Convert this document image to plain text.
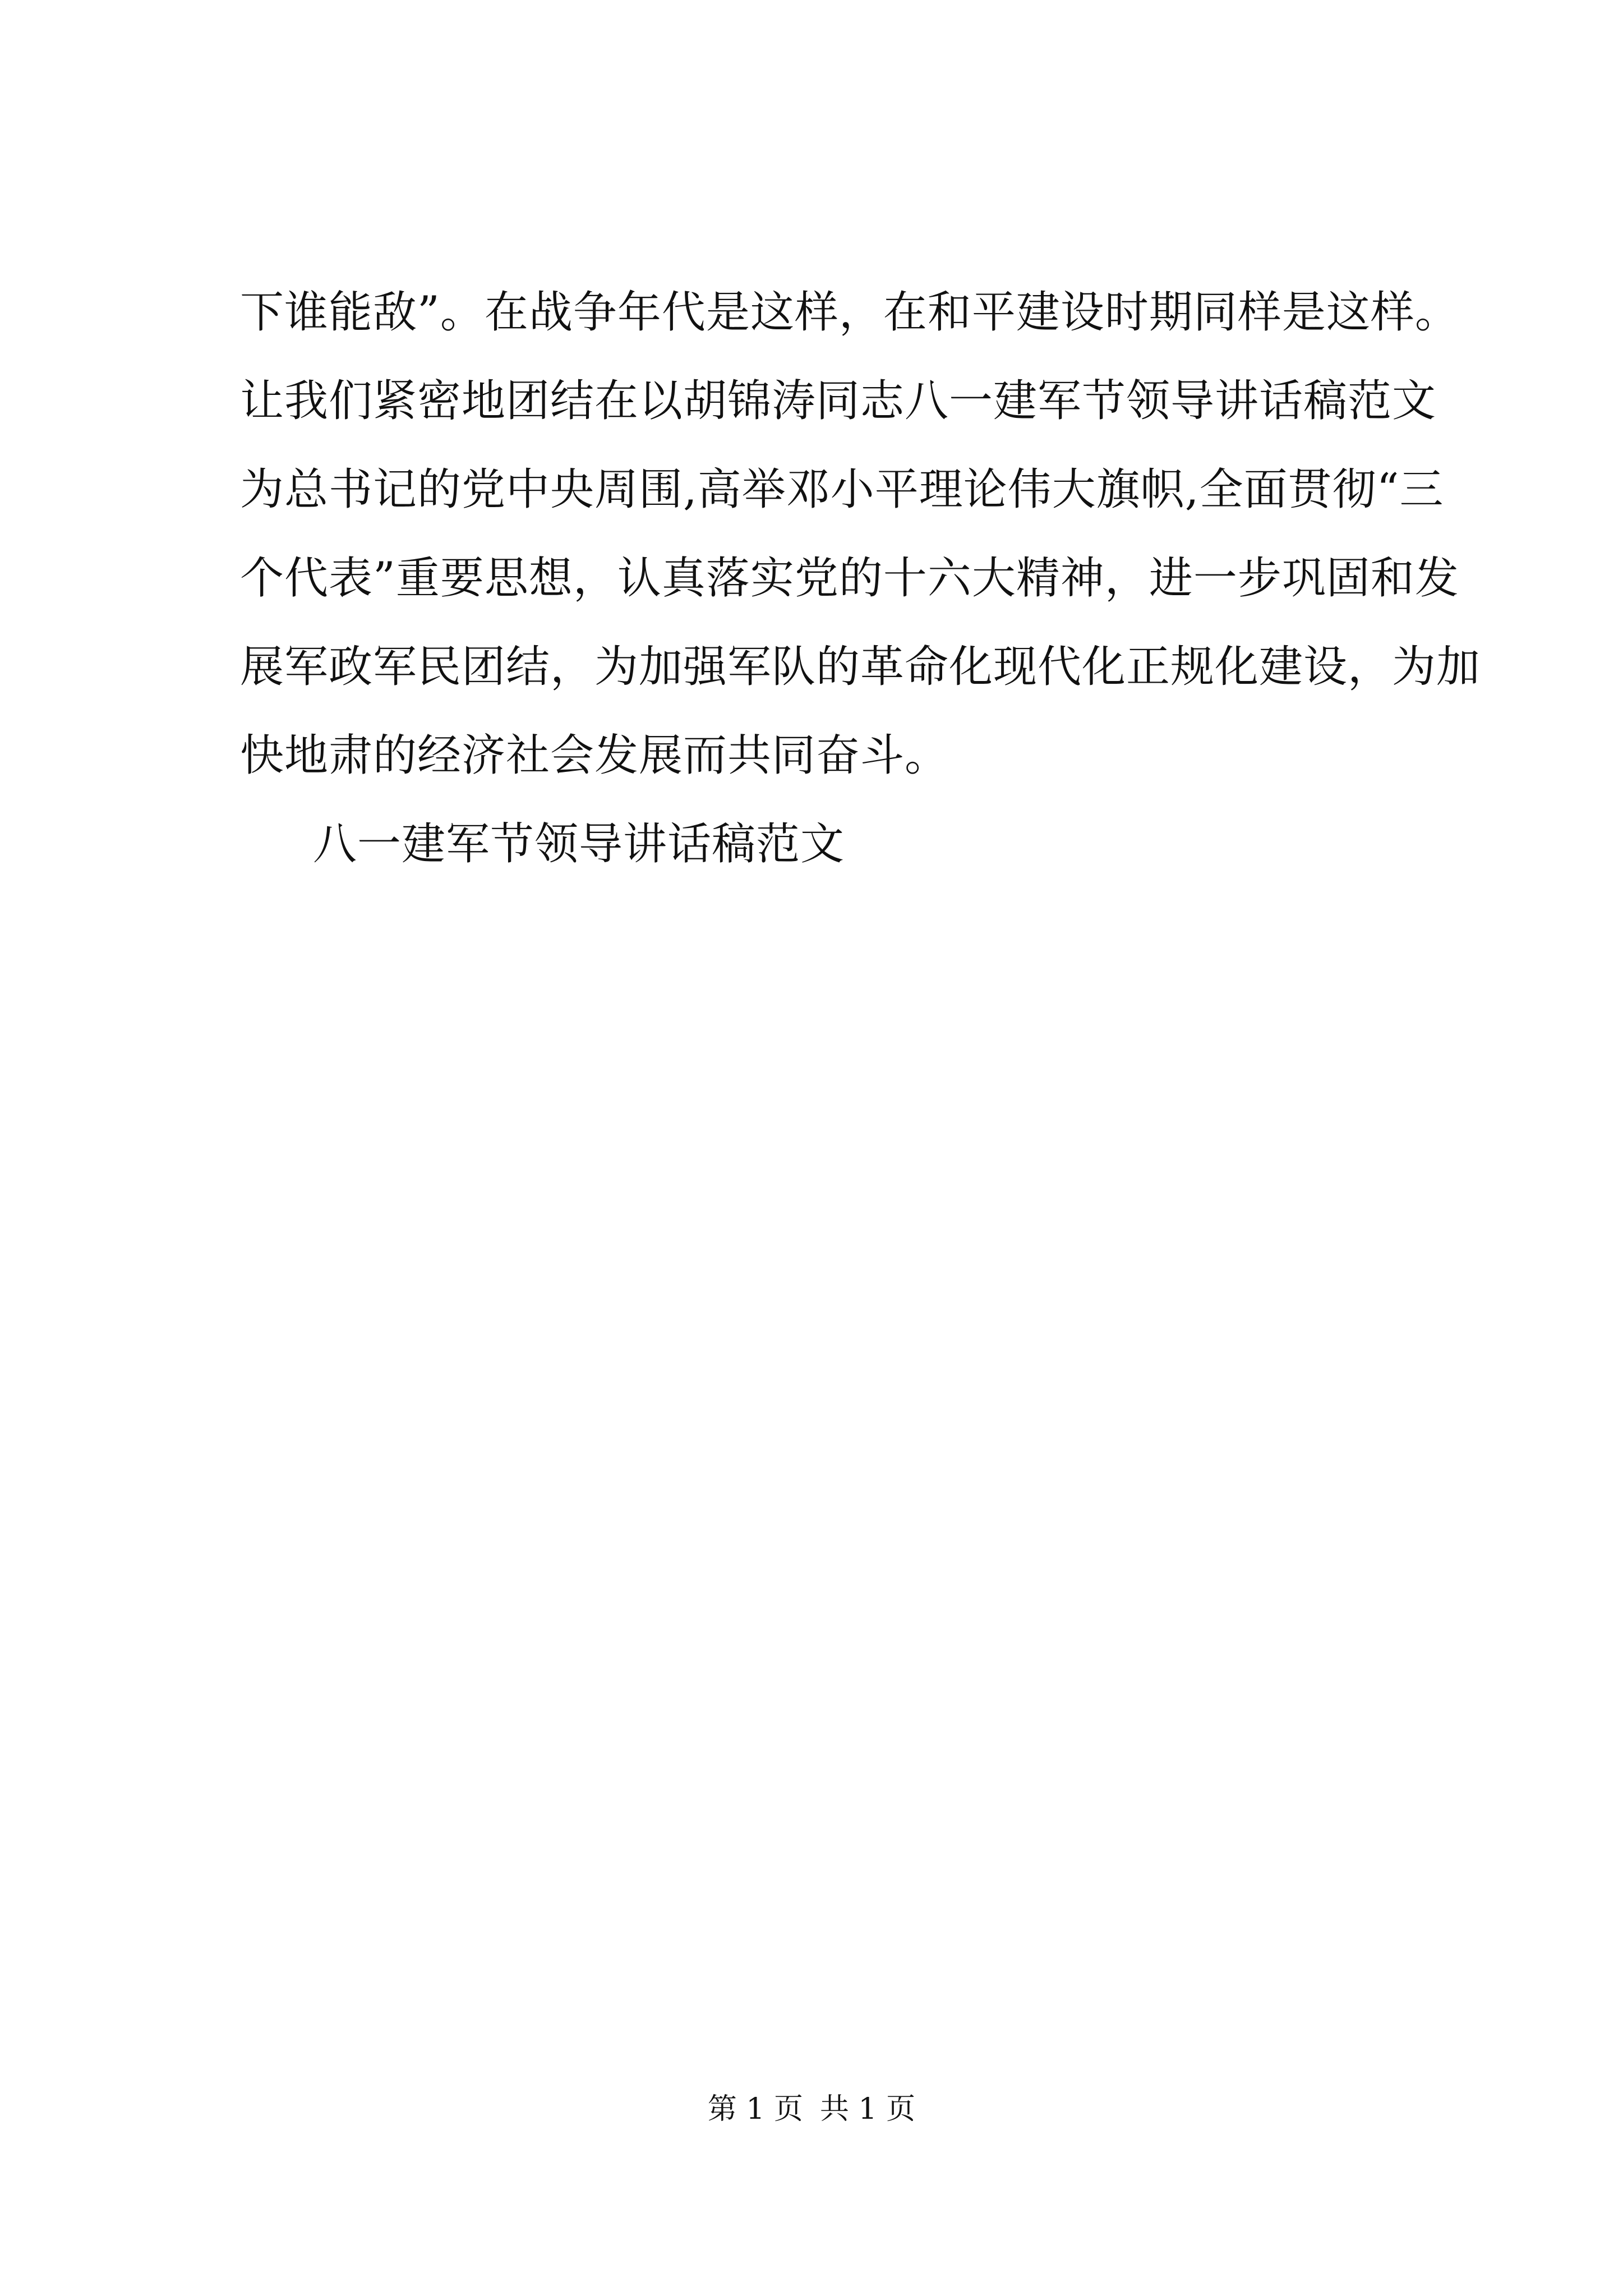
下谁能敌”。在战争年代是这样，在和平建设时期同样是这样。
让我们紧密地团结在以胡锦涛同志八一建军节领导讲话稿范文
为总书记的党中央周围,高举邓小平理论伟大旗帜,全面贯彻“三
个代表”重要思想，认真落实党的十六大精神，进一步巩固和发
展军政军民团结，为加强军队的革命化现代化正规化建设，为加
快地肃的经济社会发展而共同奋斗。
八一建军节领导讲话稿范文
第 1 页 共 1 页
